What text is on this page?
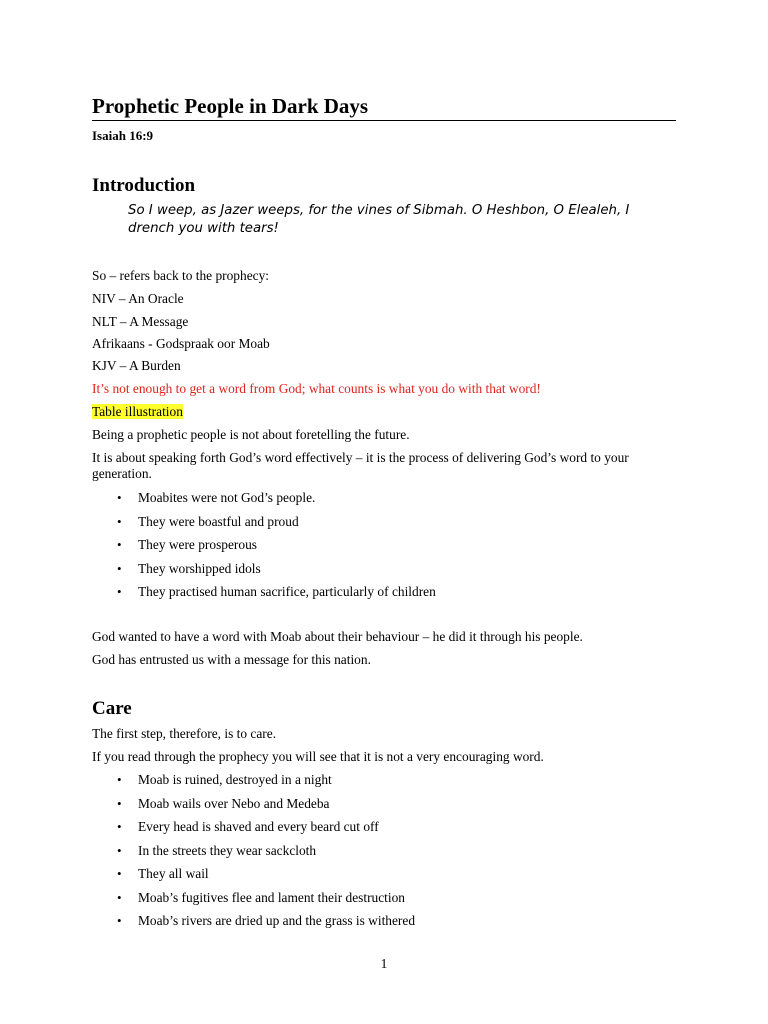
Prophetic People in Dark Days
Isaiah 16:9
Introduction

So I weep, as Jazer weeps, for the vines of Sibmah. O Heshbon, O Elealeh, I drench you with tears!

So – refers back to the prophecy:

NIV – An Oracle

NLT – A Message

Afrikaans - Godspraak oor Moab

KJV – A Burden

It’s not enough to get a word from God; what counts is what you do with that word!

Table illustration

Being a prophetic people is not about foretelling the future.

It is about speaking forth God’s word effectively – it is the process of delivering God’s word to your generation.

• Moabites were not God’s people.
• They were boastful and proud
• They were prosperous
• They worshipped idols
• They practised human sacrifice, particularly of children

God wanted to have a word with Moab about their behaviour – he did it through his people.

God has entrusted us with a message for this nation.

Care

The first step, therefore, is to care.

If you read through the prophecy you will see that it is not a very encouraging word.

• Moab is ruined, destroyed in a night
• Moab wails over Nebo and Medeba
• Every head is shaved and every beard cut off
• In the streets they wear sackcloth
• They all wail
• Moab’s fugitives flee and lament their destruction
• Moab’s rivers are dried up and the grass is withered
1
